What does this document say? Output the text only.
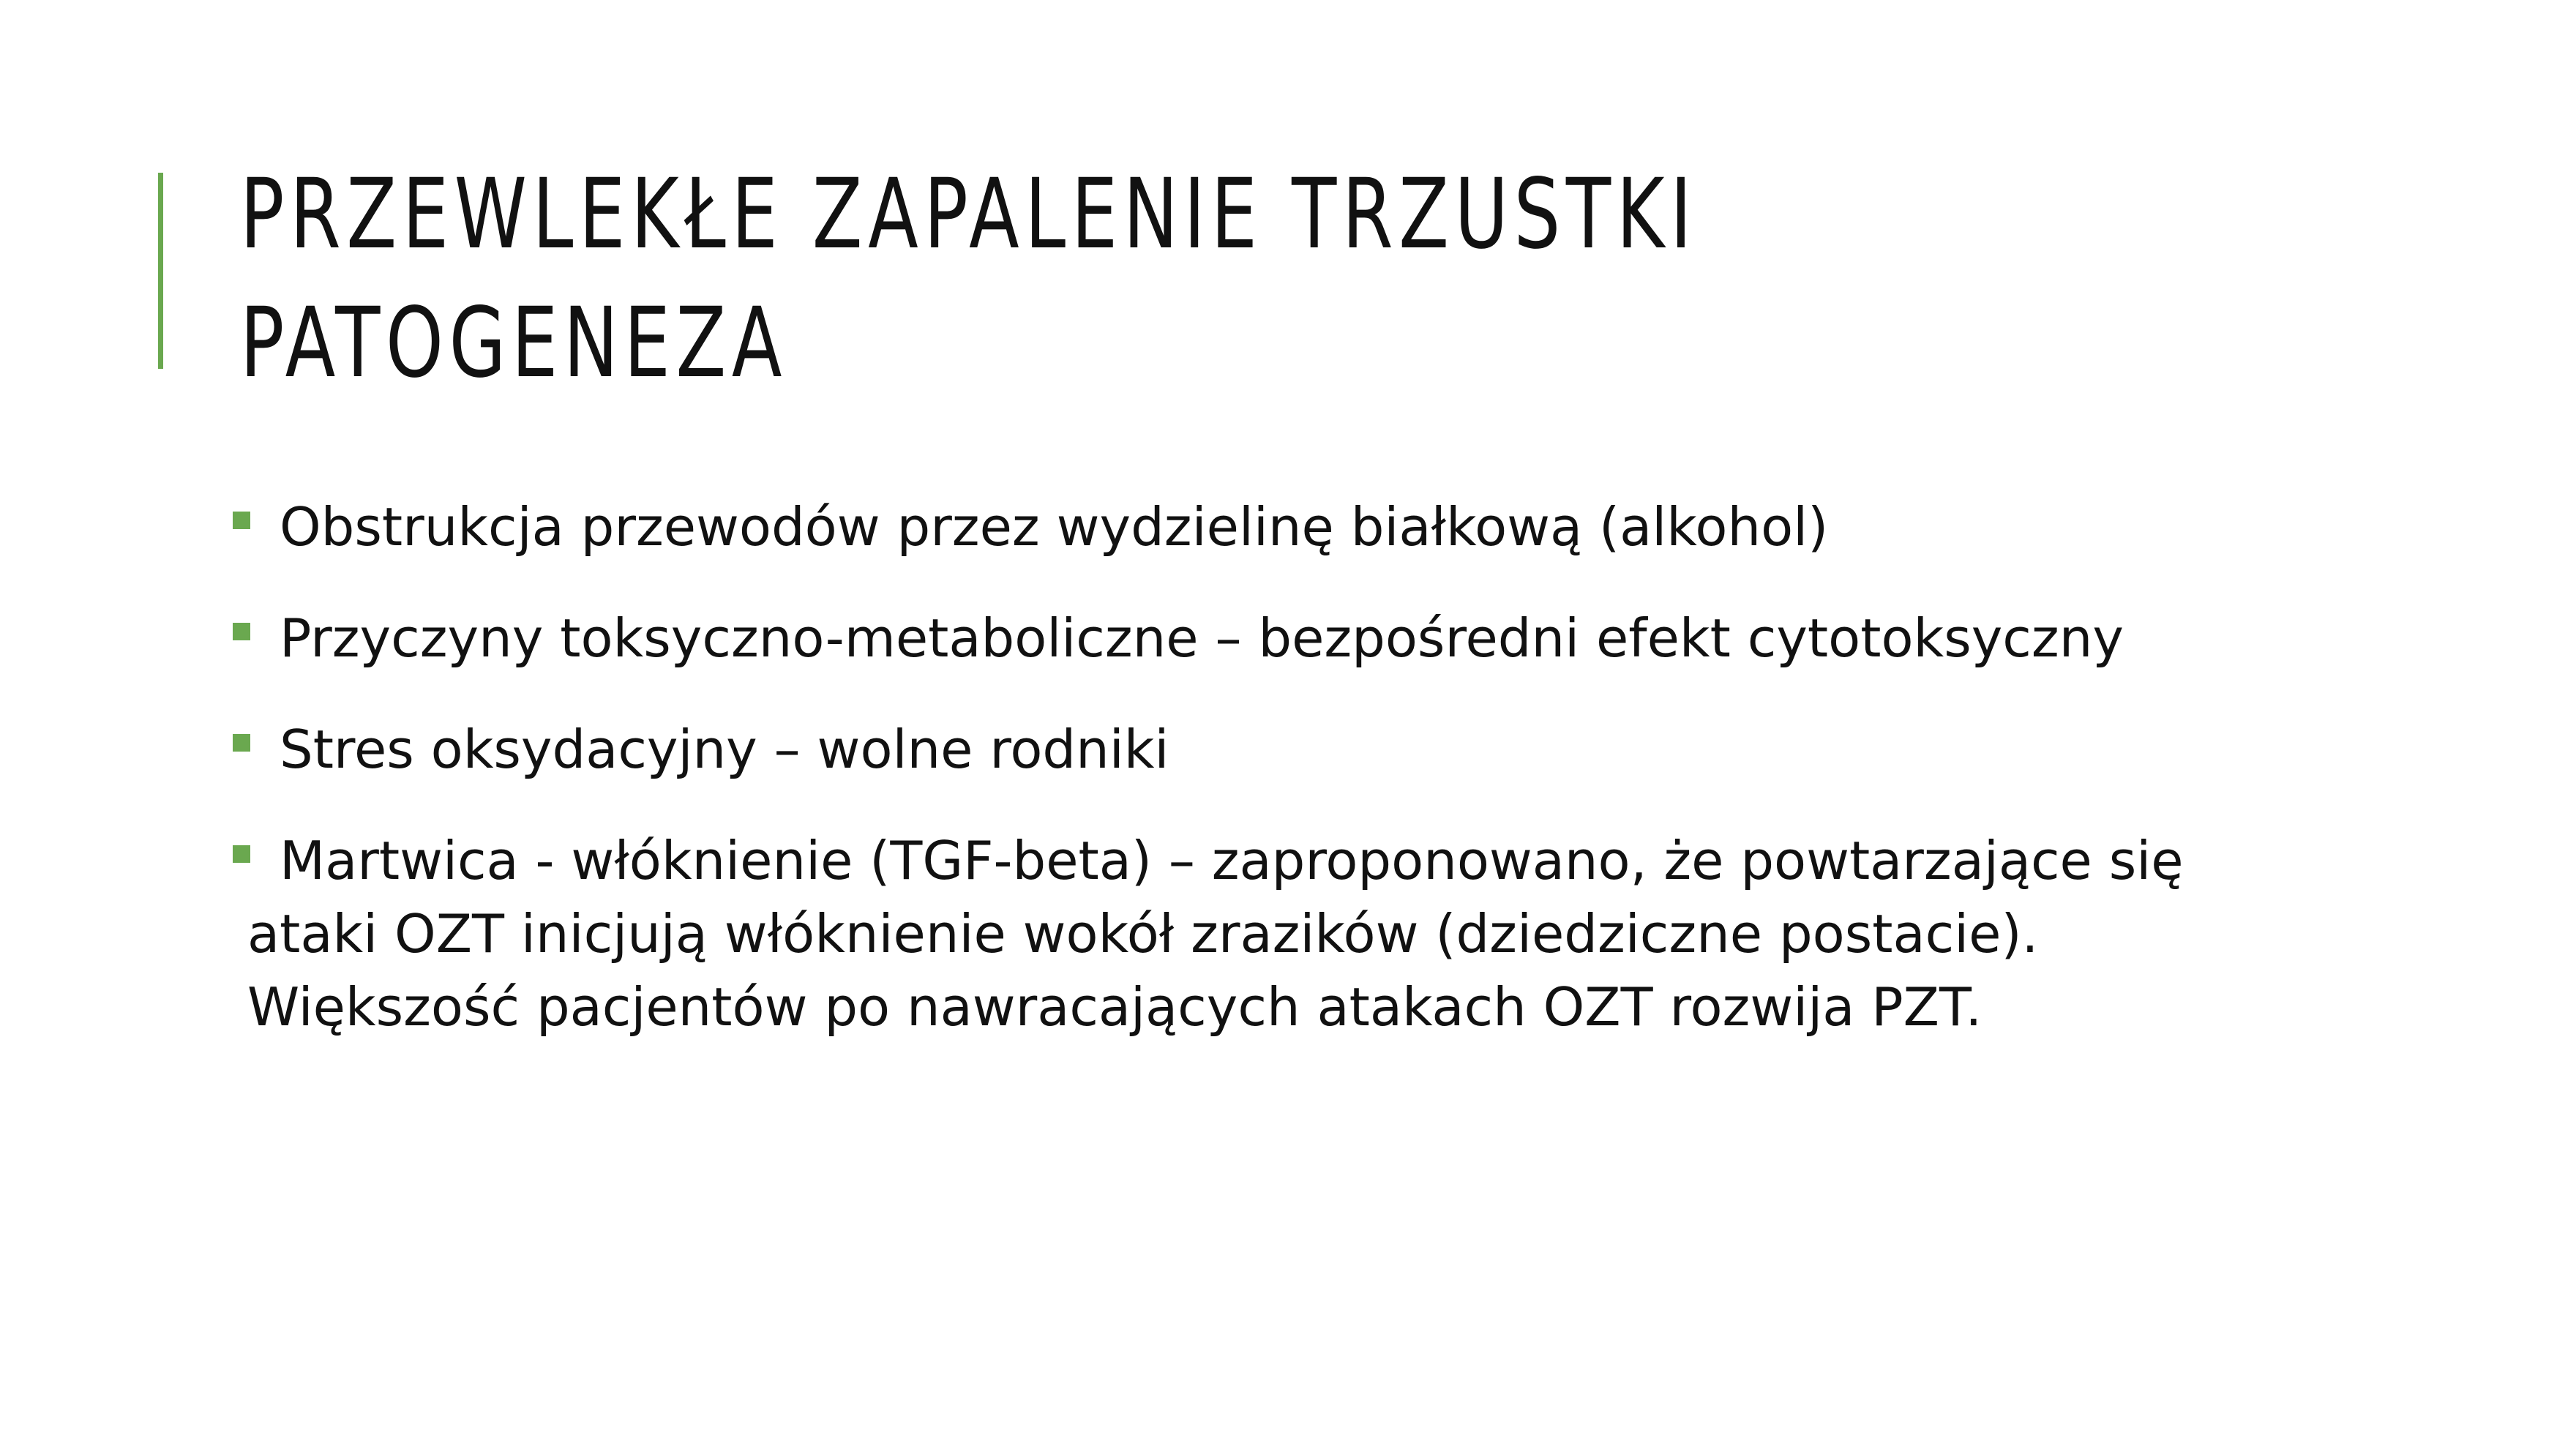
PRZEWLEKŁE ZAPALENIE TRZUSTKI
PATOGENEZA
Obstrukcja przewodów przez wydzielinę białkową (alkohol)
Przyczyny toksyczno-metaboliczne – bezpośredni efekt cytotoksyczny
Stres oksydacyjny – wolne rodniki
Martwica - włóknienie (TGF-beta) – zaproponowano, że powtarzające się
ataki OZT inicjują włóknienie wokół zrazików (dziedziczne postacie).
Większość pacjentów po nawracających atakach OZT rozwija PZT.
